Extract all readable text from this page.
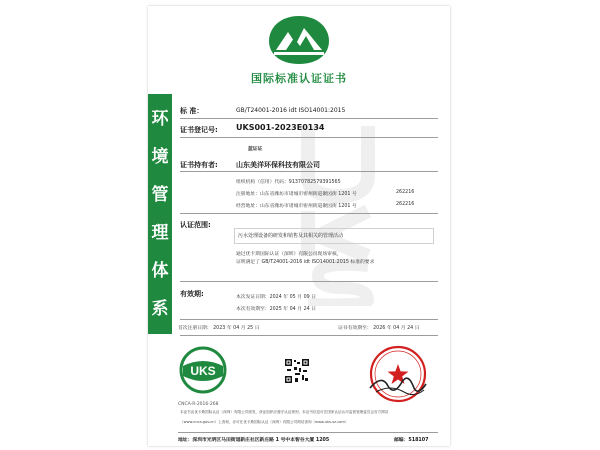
环
境
管
理
体
系
国际标准认证证书
标 准：	GB/T24001-2016 idt ISO14001:2015
证书登记号: UKS001-2023E0134
蓝证证
证书持有者:	山东美洋环保科技有限公司
组织机构（信用）代码：91370782579391565
注册地址：山东省潍坊市诸城市密州街道聚园街 1201 号	262216
经营地址：山东省潍坊市诸城市密州街道聚园街 1201 号	262216
认证范围:
污水处理设备的研发和销售及其相关的管理活动
通过优卡斯国际认证（深圳）有限公司现场审核，
证明满足了 GB/T24001-2016 idt ISO14001:2015 标准的要求
有效期:	本次发证日期：2024 年 05 月 09 日
本次有效期至：2025 年 04 月 24 日
首次注册日期： 2023 年 04 月 25 日	证书有效期至： 2026 年 04 月 24 日
UKS
CNCA-R-2016-268
本证书由优卡斯国际认证（深圳）有限公司颁发，获证组织应遵守认证规则，本证书信息可在国家认证认可监督管理委员会官方网站
（www.cnca.gov.cn）上查询，亦可在优卡斯国际认证（深圳）有限公司网站查询（www.uks-sz.com）
地址：深圳市光明区马田街道新庄社区新庄路 1 号中本智谷大厦 1205	邮编：518107
